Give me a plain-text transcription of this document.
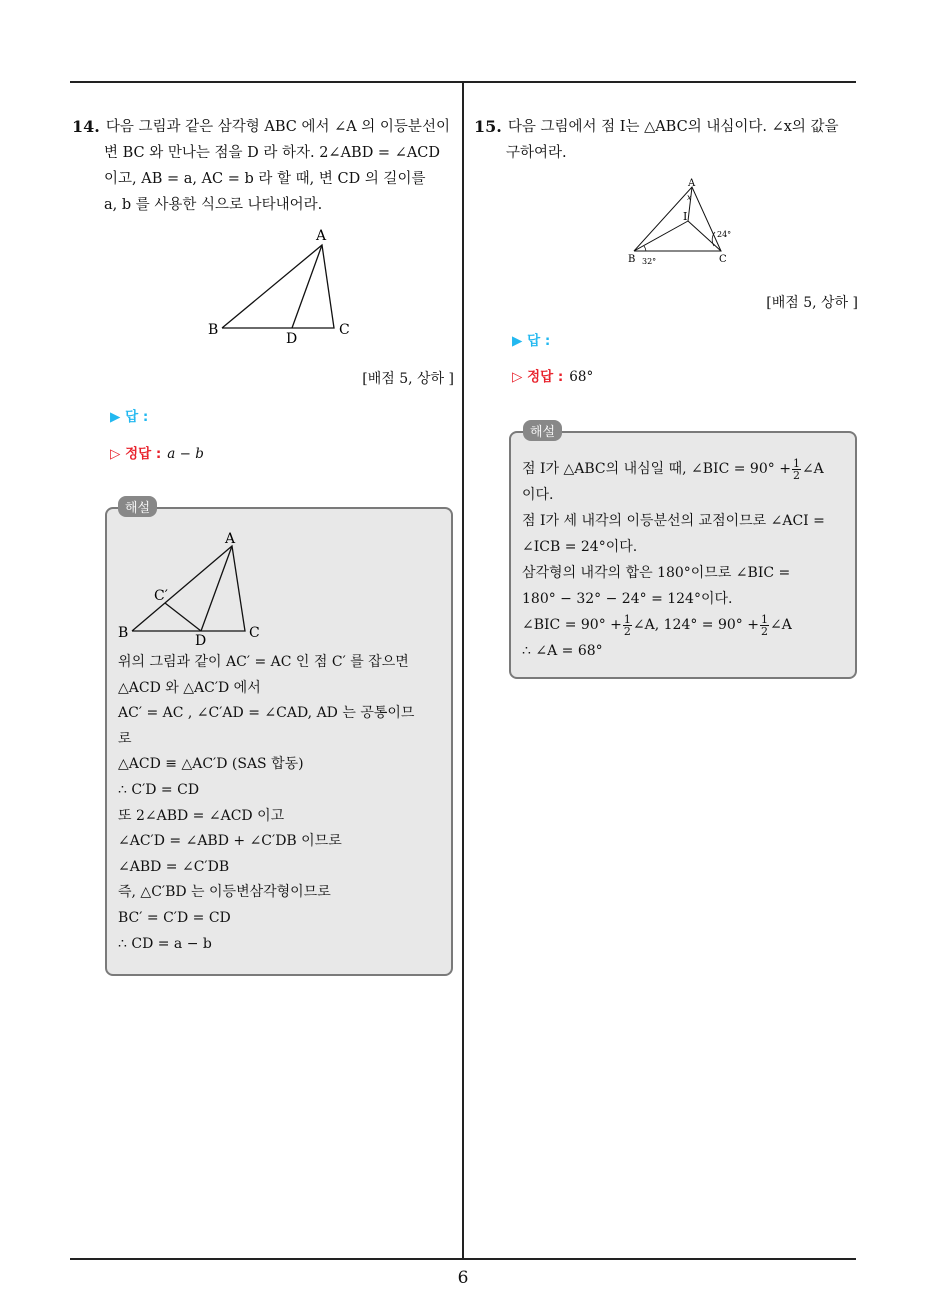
14. 다음 그림과 같은 삼각형 ABC 에서 ∠A 의 이등분선이
변 BC 와 만나는 점을 D 라 하자. 2∠ABD = ∠ACD
이고, AB = a, AC = b 라 할 때, 변 CD 의 길이를
a, b 를 사용한 식으로 나타내어라.
A
B	C
D
[배점 5, 상하 ]
▶ 답 :
▷ 정답 : a − b
해설
A
C′
B	D	C
위의 그림과 같이 AC′ = AC 인 점 C′ 를 잡으면
△ACD 와 △AC′D 에서
AC′ = AC , ∠C′AD = ∠CAD, AD 는 공통이므
로
△ACD ≡ △AC′D (SAS 합동)
∴ C′D = CD
또 2∠ABD = ∠ACD 이고
∠AC′D = ∠ABD + ∠C′DB 이므로
∠ABD = ∠C′DB
즉, △C′BD 는 이등변삼각형이므로
BC′ = C′D = CD
∴ CD = a − b
15. 다음 그림에서 점 I는 △ABC의 내심이다. ∠x의 값을
구하여라.
A
x
I
24°
B 32°	C
[배점 5, 상하 ]
▶ 답 :
▷ 정답 : 68°
해설
점 I가 △ABC의 내심일 때, ∠BIC = $90^\circ + \frac{1}{2}$ ∠A
이다.
점 I가 세 내각의 이등분선의 교점이므로 ∠ACI =
∠ICB = 24°이다.
삼각형의 내각의 합은 180°이므로 ∠BIC =
180° − 32° − 24° = 124°이다.
∠BIC = $90^\circ + \frac{1}{2}$ ∠A, $124^\circ = 90^\circ + \frac{1}{2}$ ∠A
∴ ∠A = 68°
6
